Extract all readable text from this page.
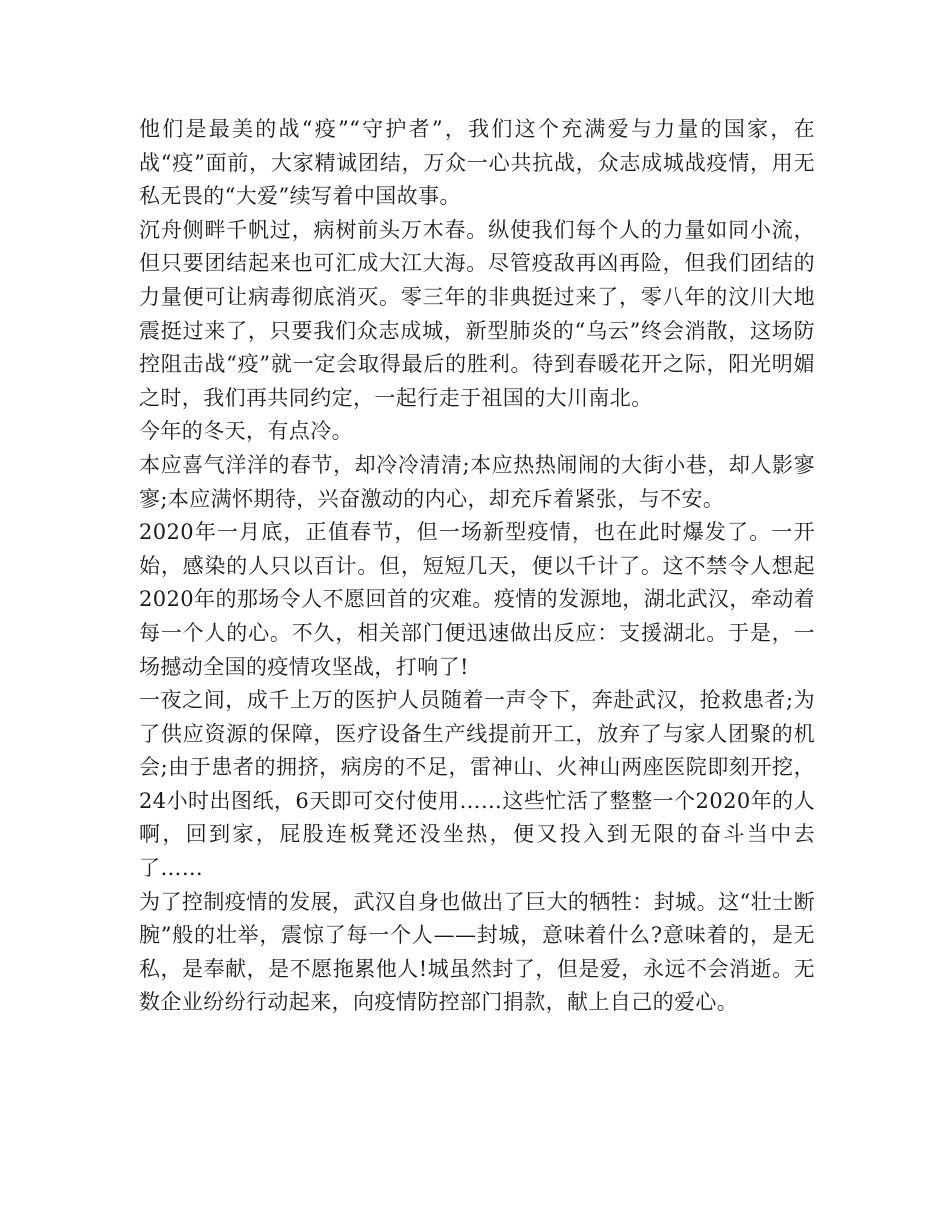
他们是最美的战“疫”“守护者”，我们这个充满爱与力量的国家，在战“疫”面前，大家精诚团结，万众一心共抗战，众志成城战疫情，用无私无畏的“大爱”续写着中国故事。

沉舟侧畔千帆过，病树前头万木春。纵使我们每个人的力量如同小流，但只要团结起来也可汇成大江大海。尽管疫敌再凶再险，但我们团结的力量便可让病毒彻底消灭。零三年的非典挺过来了，零八年的汶川大地震挺过来了，只要我们众志成城，新型肺炎的“乌云”终会消散，这场防控阻击战“疫”就一定会取得最后的胜利。待到春暖花开之际，阳光明媚之时，我们再共同约定，一起行走于祖国的大川南北。

今年的冬天，有点冷。

本应喜气洋洋的春节，却冷冷清清;本应热热闹闹的大街小巷，却人影寥寥;本应满怀期待，兴奋激动的内心，却充斥着紧张，与不安。

2020年一月底，正值春节，但一场新型疫情，也在此时爆发了。一开始，感染的人只以百计。但，短短几天，便以千计了。这不禁令人想起2020年的那场令人不愿回首的灾难。疫情的发源地，湖北武汉，牵动着每一个人的心。不久，相关部门便迅速做出反应：支援湖北。于是，一场撼动全国的疫情攻坚战，打响了!

一夜之间，成千上万的医护人员随着一声令下，奔赴武汉，抢救患者;为了供应资源的保障，医疗设备生产线提前开工，放弃了与家人团聚的机会;由于患者的拥挤，病房的不足，雷神山、火神山两座医院即刻开挖，24小时出图纸，6天即可交付使用……这些忙活了整整一个2020年的人啊，回到家，屁股连板凳还没坐热，便又投入到无限的奋斗当中去了……

为了控制疫情的发展，武汉自身也做出了巨大的牺牲：封城。这“壮士断腕”般的壮举，震惊了每一个人——封城，意味着什么?意味着的，是无私，是奉献，是不愿拖累他人!城虽然封了，但是爱，永远不会消逝。无数企业纷纷行动起来，向疫情防控部门捐款，献上自己的爱心。
